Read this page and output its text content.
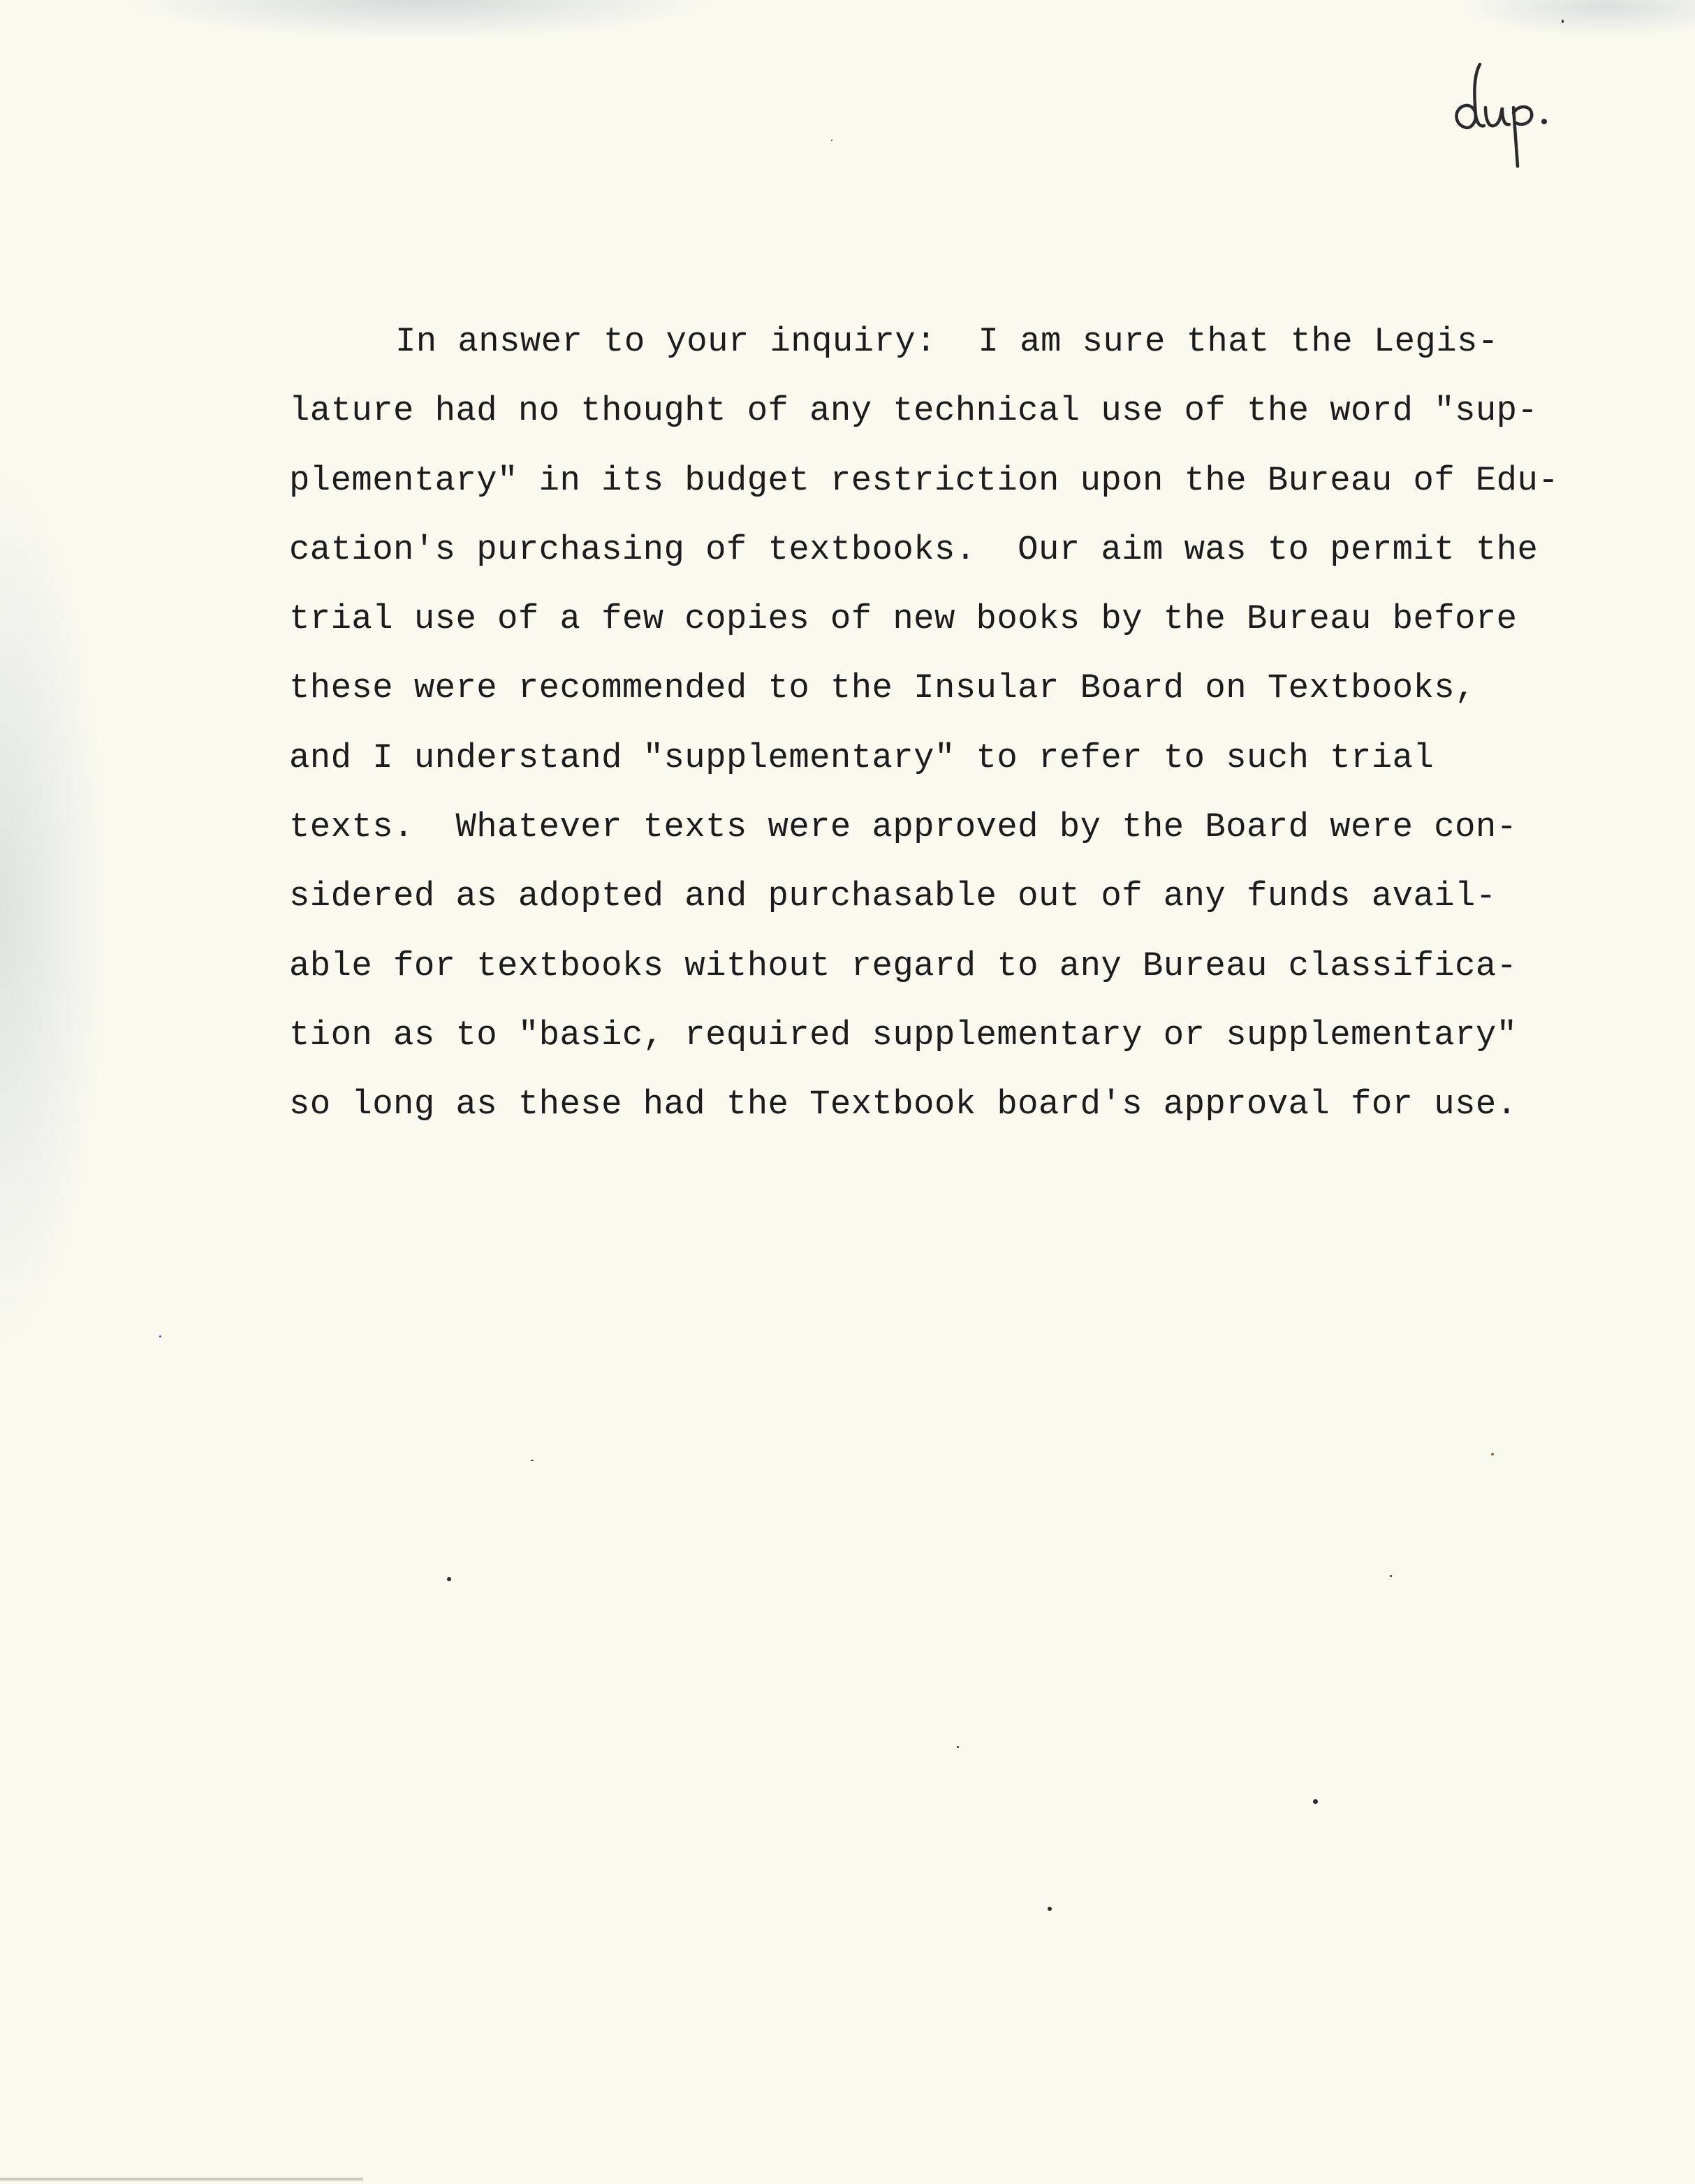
dup.
In answer to your inquiry:  I am sure that the Legis-
lature had no thought of any technical use of the word "sup-
plementary" in its budget restriction upon the Bureau of Edu-
cation's purchasing of textbooks.  Our aim was to permit the
trial use of a few copies of new books by the Bureau before
these were recommended to the Insular Board on Textbooks,
and I understand "supplementary" to refer to such trial
texts.  Whatever texts were approved by the Board were con-
sidered as adopted and purchasable out of any funds avail-
able for textbooks without regard to any Bureau classifica-
tion as to "basic, required supplementary or supplementary"
so long as these had the Textbook board's approval for use.
